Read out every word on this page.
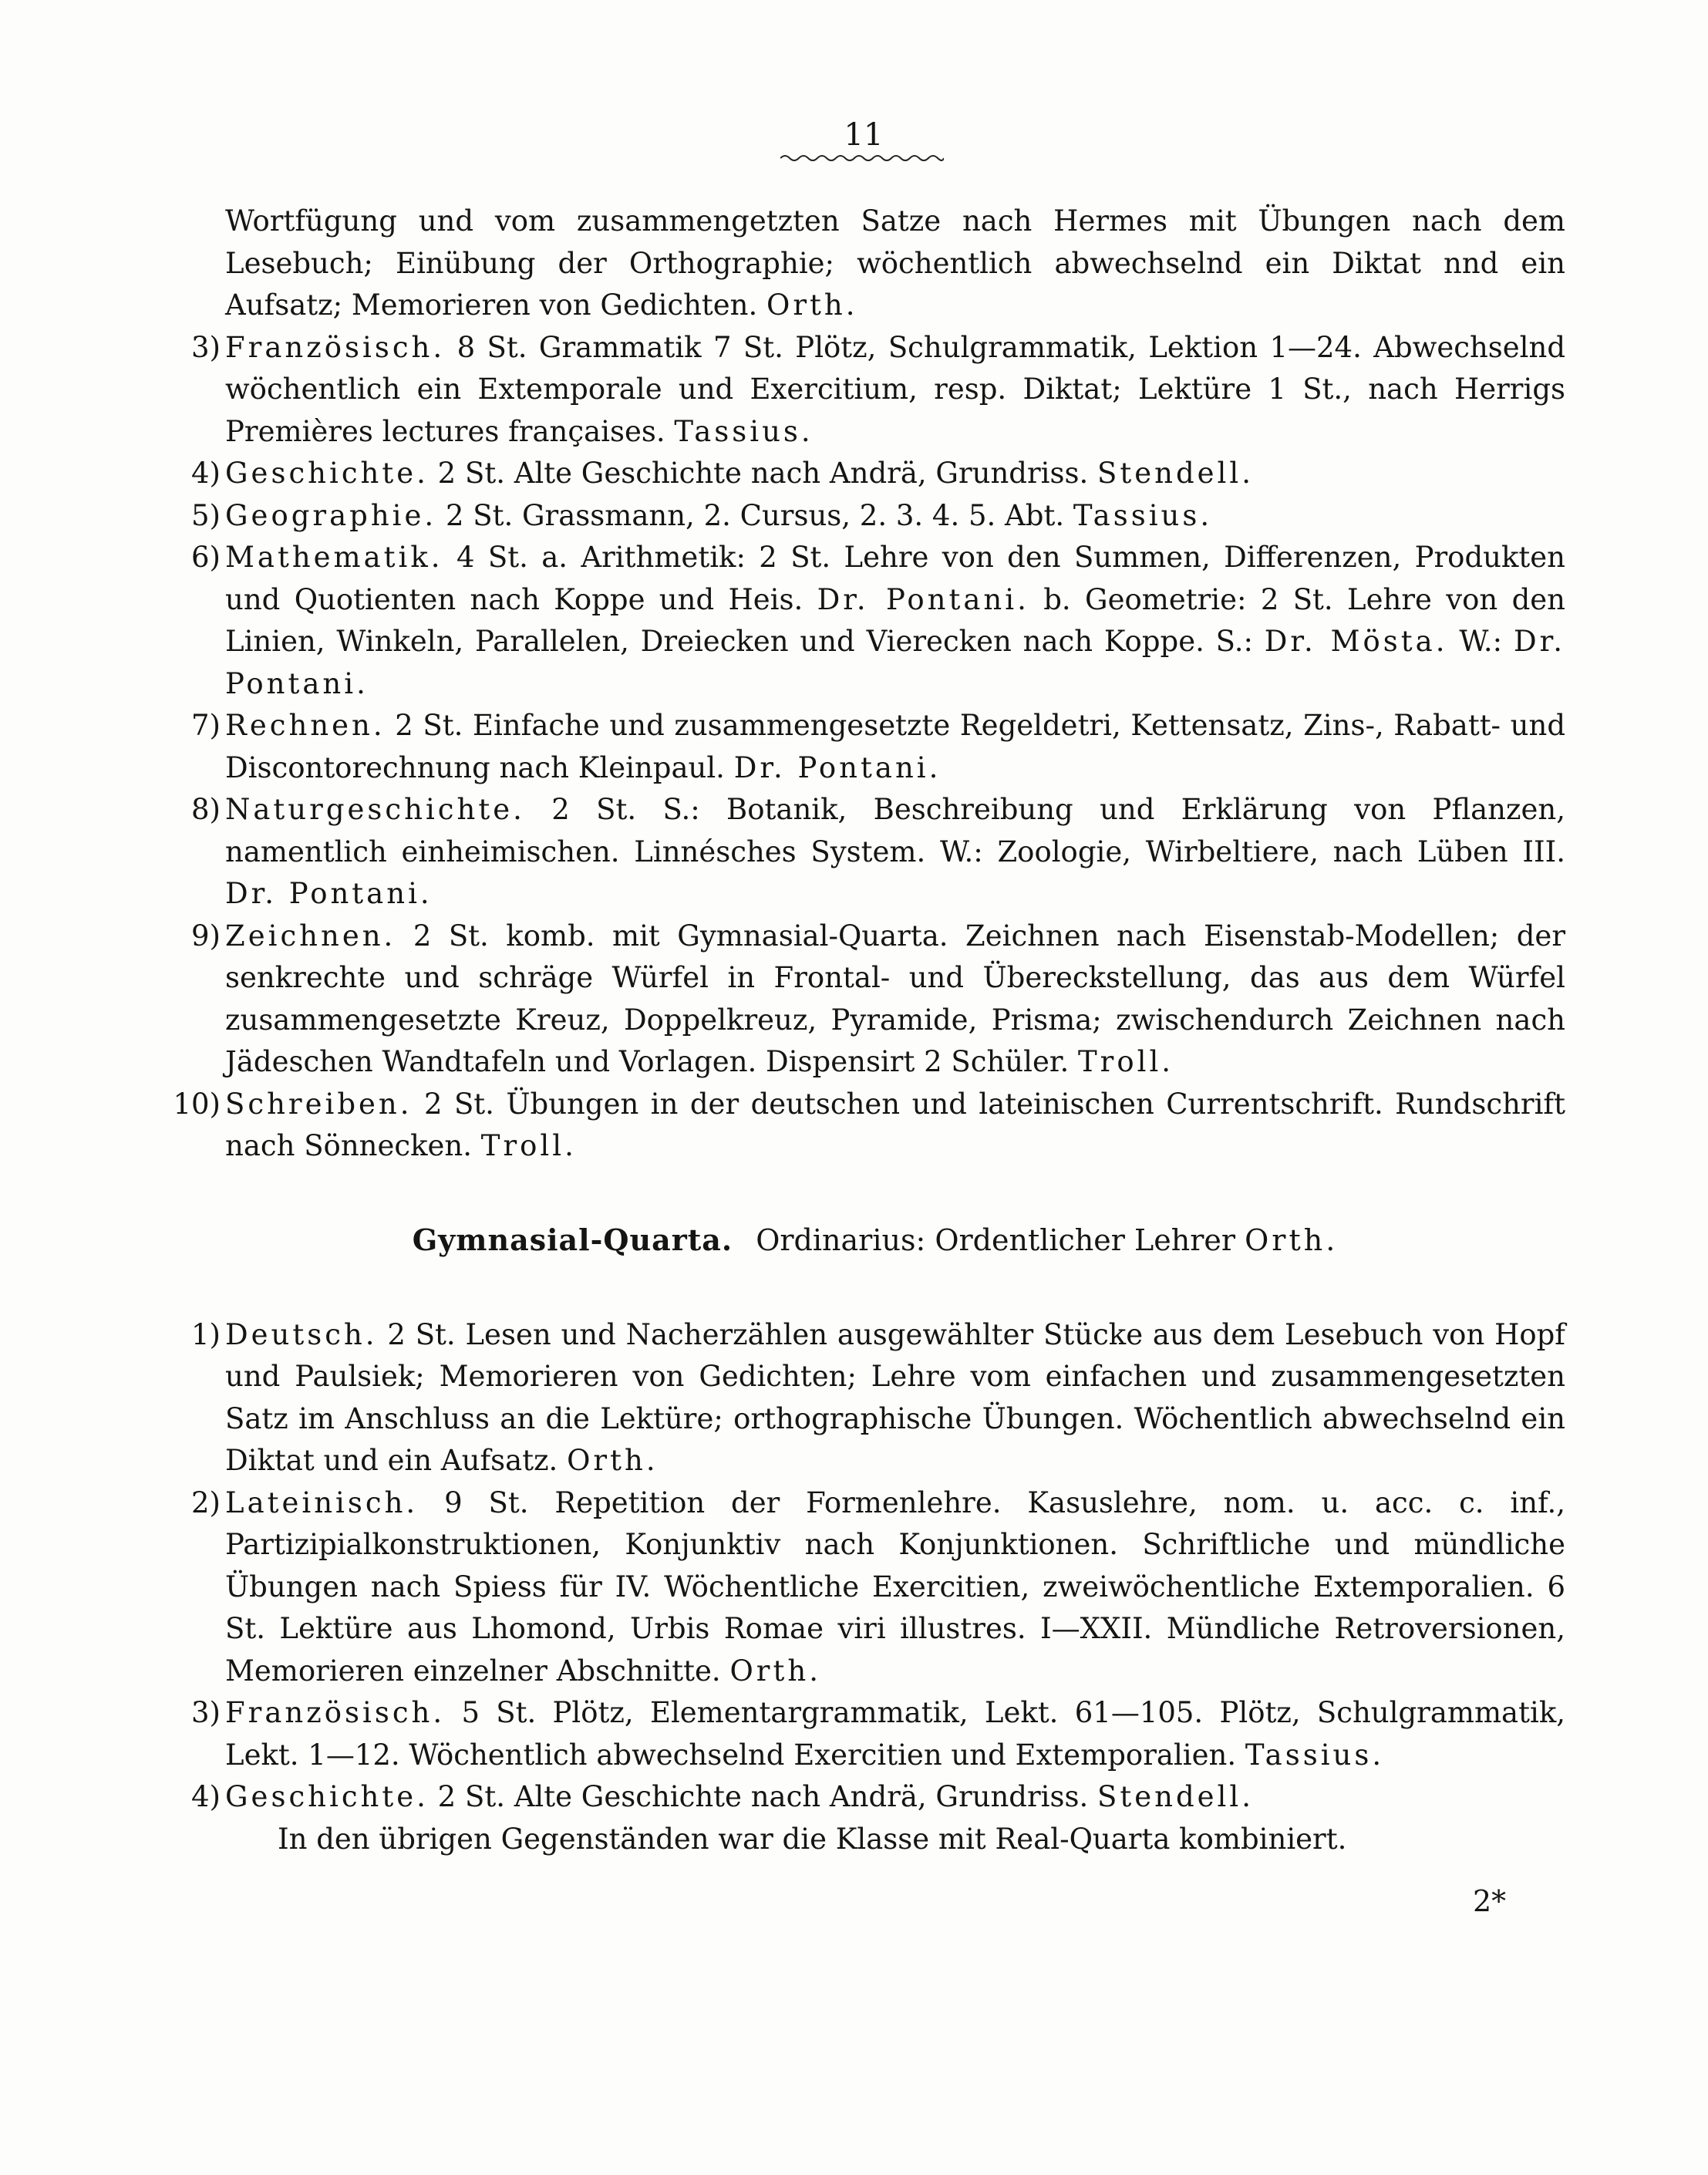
11

Wortfügung und vom zusammengetzten Satze nach Hermes mit Übungen nach dem Lesebuch; Einübung der Orthographie; wöchentlich abwechselnd ein Diktat nnd ein Aufsatz; Memorieren von Gedichten. Orth.

3) Französisch. 8 St. Grammatik 7 St. Plötz, Schulgrammatik, Lektion 1—24. Abwechselnd wöchentlich ein Extemporale und Exercitium, resp. Diktat; Lektüre 1 St., nach Herrigs Premières lectures françaises. Tassius.

4) Geschichte. 2 St. Alte Geschichte nach Andrä, Grundriss. Stendell.

5) Geographie. 2 St. Grassmann, 2. Cursus, 2. 3. 4. 5. Abt. Tassius.

6) Mathematik. 4 St. a. Arithmetik: 2 St. Lehre von den Summen, Differenzen, Produkten und Quotienten nach Koppe und Heis. Dr. Pontani. b. Geometrie: 2 St. Lehre von den Linien, Winkeln, Parallelen, Dreiecken und Vierecken nach Koppe. S.: Dr. Mösta. W.: Dr. Pontani.

7) Rechnen. 2 St. Einfache und zusammengesetzte Regeldetri, Kettensatz, Zins-, Rabatt- und Discontorechnung nach Kleinpaul. Dr. Pontani.

8) Naturgeschichte. 2 St. S.: Botanik, Beschreibung und Erklärung von Pflanzen, namentlich einheimischen. Linnésches System. W.: Zoologie, Wirbeltiere, nach Lüben III. Dr. Pontani.

9) Zeichnen. 2 St. komb. mit Gymnasial-Quarta. Zeichnen nach Eisenstab-Modellen; der senkrechte und schräge Würfel in Frontal- und Übereckstellung, das aus dem Würfel zusammengesetzte Kreuz, Doppelkreuz, Pyramide, Prisma; zwischendurch Zeichnen nach Jädeschen Wandtafeln und Vorlagen. Dispensirt 2 Schüler. Troll.

10) Schreiben. 2 St. Übungen in der deutschen und lateinischen Currentschrift. Rundschrift nach Sönnecken. Troll.

Gymnasial-Quarta. Ordinarius: Ordentlicher Lehrer Orth.

1) Deutsch. 2 St. Lesen und Nacherzählen ausgewählter Stücke aus dem Lesebuch von Hopf und Paulsiek; Memorieren von Gedichten; Lehre vom einfachen und zusammengesetzten Satz im Anschluss an die Lektüre; orthographische Übungen. Wöchentlich abwechselnd ein Diktat und ein Aufsatz. Orth.

2) Lateinisch. 9 St. Repetition der Formenlehre. Kasuslehre, nom. u. acc. c. inf., Partizipialkonstruktionen, Konjunktiv nach Konjunktionen. Schriftliche und mündliche Übungen nach Spiess für IV. Wöchentliche Exercitien, zweiwöchentliche Extemporalien. 6 St. Lektüre aus Lhomond, Urbis Romae viri illustres. I—XXII. Mündliche Retroversionen, Memorieren einzelner Abschnitte. Orth.

3) Französisch. 5 St. Plötz, Elementargrammatik, Lekt. 61—105. Plötz, Schulgrammatik, Lekt. 1—12. Wöchentlich abwechselnd Exercitien und Extemporalien. Tassius.

4) Geschichte. 2 St. Alte Geschichte nach Andrä, Grundriss. Stendell.

In den übrigen Gegenständen war die Klasse mit Real-Quarta kombiniert.

2*
